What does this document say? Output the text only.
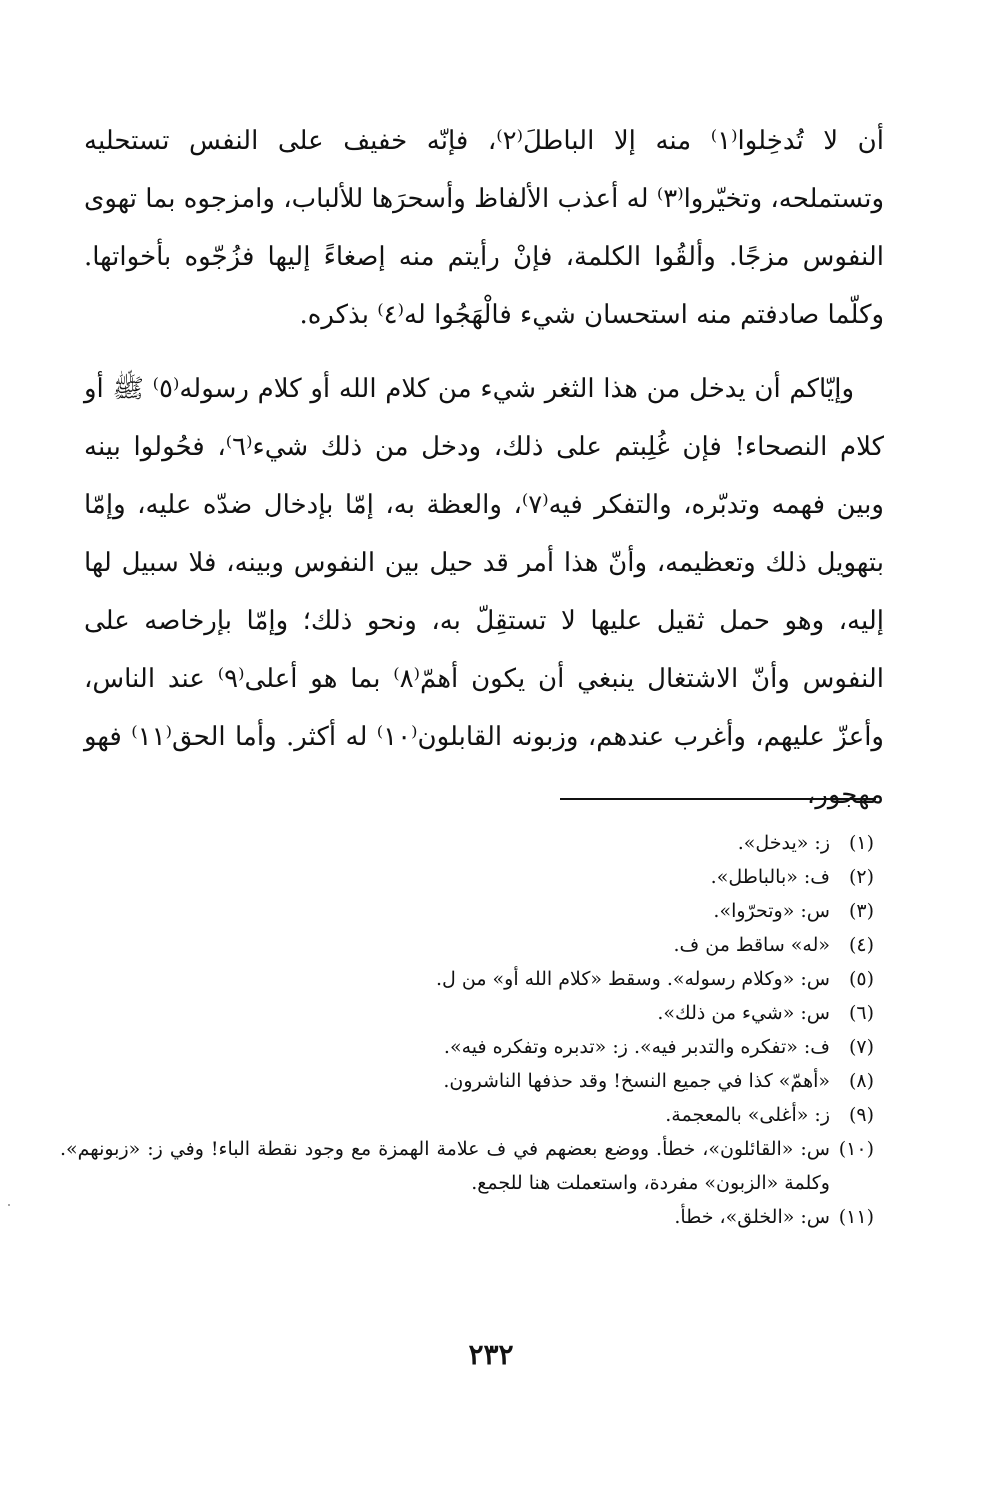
أن لا تُدخِلوا⁽١⁾ منه إلا الباطلَ⁽٢⁾، فإنّه خفيف على النفس تستحليه وتستملحه، وتخيّروا⁽٣⁾ له أعذب الألفاظ وأسحرَها للألباب، وامزجوه بما تهوى النفوس مزجًا. وألقُوا الكلمة، فإنْ رأيتم منه إصغاءً إليها فزُجّوه بأخواتها. وكلّما صادفتم منه استحسان شيء فالْهَجُوا له⁽٤⁾ بذكره.

وإيّاكم أن يدخل من هذا الثغر شيء من كلام الله أو كلام رسوله⁽٥⁾ ﷺ أو كلام النصحاء! فإن غُلِبتم على ذلك، ودخل من ذلك شيء⁽٦⁾، فحُولوا بينه وبين فهمه وتدبّره، والتفكر فيه⁽٧⁾، والعظة به، إمّا بإدخال ضدّه عليه، وإمّا بتهويل ذلك وتعظيمه، وأنّ هذا أمر قد حيل بين النفوس وبينه، فلا سبيل لها إليه، وهو حمل ثقيل عليها لا تستقِلّ به، ونحو ذلك؛ وإمّا بإرخاصه على النفوس وأنّ الاشتغال ينبغي أن يكون أهمّ⁽٨⁾ بما هو أعلى⁽٩⁾ عند الناس، وأعزّ عليهم، وأغرب عندهم، وزبونه القابلون⁽١٠⁾ له أكثر. وأما الحق⁽١١⁾ فهو مهجور،

(١)
ز: «يدخل».
(٢)
ف: «بالباطل».
(٣)
س: «وتحرّوا».
(٤)
«له» ساقط من ف.
(٥)
س: «وكلام رسوله». وسقط «كلام الله أو» من ل.
(٦)
س: «شيء من ذلك».
(٧)
ف: «تفكره والتدبر فيه». ز: «تدبره وتفكره فيه».
(٨)
«أهمّ» كذا في جميع النسخ! وقد حذفها الناشرون.
(٩)
ز: «أغلى» بالمعجمة.
(١٠)
س: «القائلون»، خطأ. ووضع بعضهم في ف علامة الهمزة مع وجود نقطة الباء! وفي ز: «زبونهم». وكلمة «الزبون» مفردة، واستعملت هنا للجمع.
(١١)
س: «الخلق»، خطأ.
٢٣٢
